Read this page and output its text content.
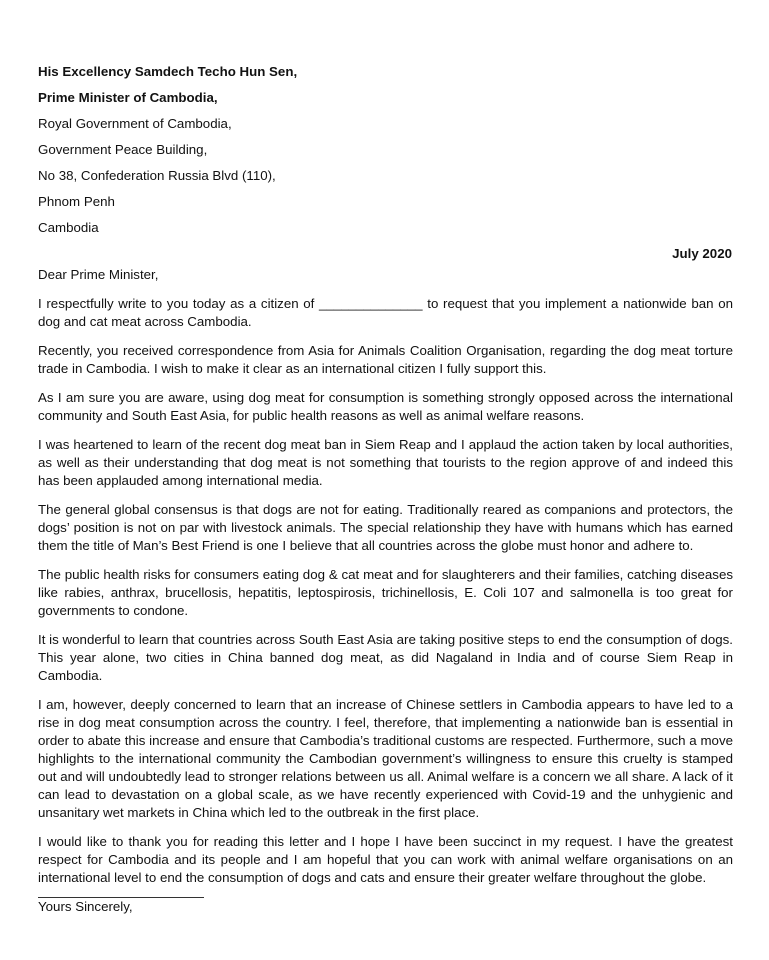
His Excellency Samdech Techo Hun Sen,

Prime Minister of Cambodia,

Royal Government of Cambodia,

Government Peace Building,

No 38, Confederation Russia Blvd (110),

Phnom Penh

Cambodia

July 2020

Dear Prime Minister,

I respectfully write to you today as a citizen of ______________ to request that you implement a nationwide ban on dog and cat meat across Cambodia.

Recently, you received correspondence from Asia for Animals Coalition Organisation, regarding the dog meat torture trade in Cambodia. I wish to make it clear as an international citizen I fully support this.

As I am sure you are aware, using dog meat for consumption is something strongly opposed across the international community and South East Asia, for public health reasons as well as animal welfare reasons.

I was heartened to learn of the recent dog meat ban in Siem Reap and I applaud the action taken by local authorities, as well as their understanding that dog meat is not something that tourists to the region approve of and indeed this has been applauded among international media.

The general global consensus is that dogs are not for eating. Traditionally reared as companions and protectors, the dogs’ position is not on par with livestock animals. The special relationship they have with humans which has earned them the title of Man’s Best Friend is one I believe that all countries across the globe must honor and adhere to.

The public health risks for consumers eating dog & cat meat and for slaughterers and their families, catching diseases like rabies, anthrax, brucellosis, hepatitis, leptospirosis, trichinellosis, E. Coli 107 and salmonella is too great for governments to condone.

It is wonderful to learn that countries across South East Asia are taking positive steps to end the consumption of dogs. This year alone, two cities in China banned dog meat, as did Nagaland in India and of course Siem Reap in Cambodia.

I am, however, deeply concerned to learn that an increase of Chinese settlers in Cambodia appears to have led to a rise in dog meat consumption across the country. I feel, therefore, that implementing a nationwide ban is essential in order to abate this increase and ensure that Cambodia’s traditional customs are respected. Furthermore, such a move highlights to the international community the Cambodian government’s willingness to ensure this cruelty is stamped out and will undoubtedly lead to stronger relations between us all. Animal welfare is a concern we all share. A lack of it can lead to devastation on a global scale, as we have recently experienced with Covid-19 and the unhygienic and unsanitary wet markets in China which led to the outbreak in the first place.

I would like to thank you for reading this letter and I hope I have been succinct in my request. I have the greatest respect for Cambodia and its people and I am hopeful that you can work with animal welfare organisations on an international level to end the consumption of dogs and cats and ensure their greater welfare throughout the globe.

Yours Sincerely,
